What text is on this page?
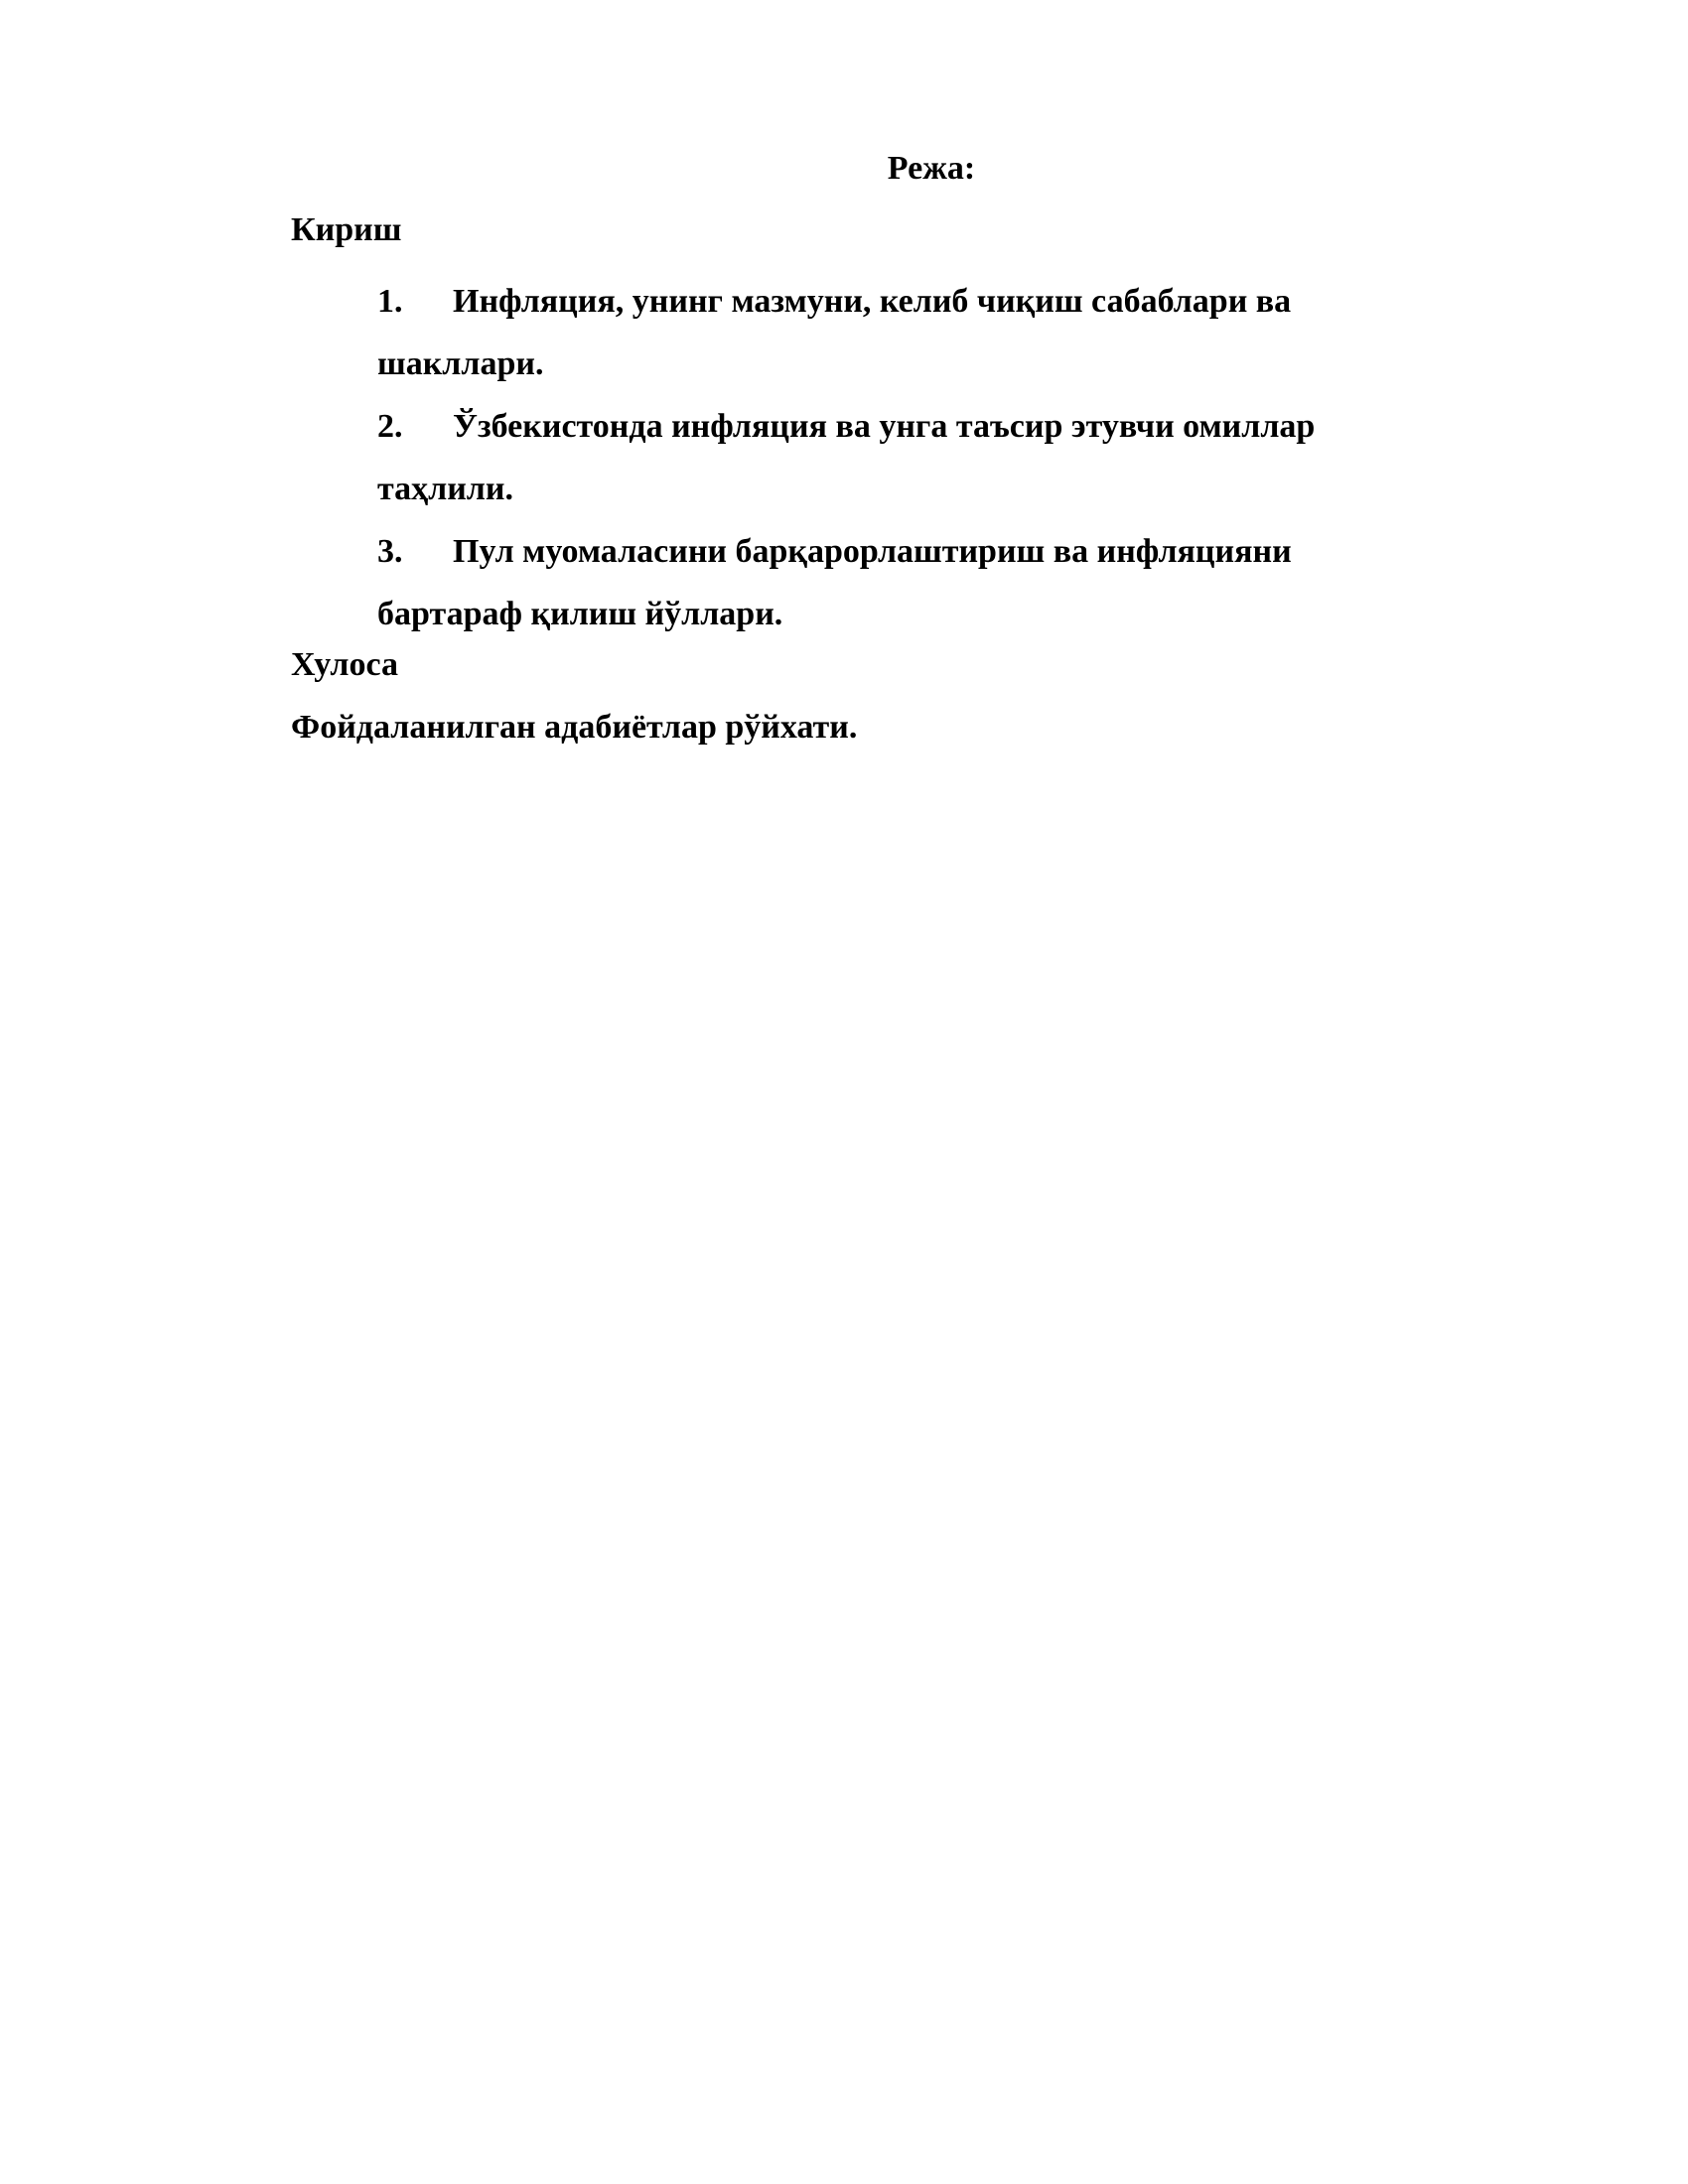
Режа:
Кириш
1. Инфляция, унинг мазмуни, келиб чиқиш сабаблари ва шакллари.
2. Ўзбекистонда инфляция ва унга таъсир этувчи омиллар таҳлили.
3. Пул муомаласини барқарорлаштириш ва инфляцияни бартараф қилиш йўллари.
Хулоса
Фойдаланилган адабиётлар рўйхати.
